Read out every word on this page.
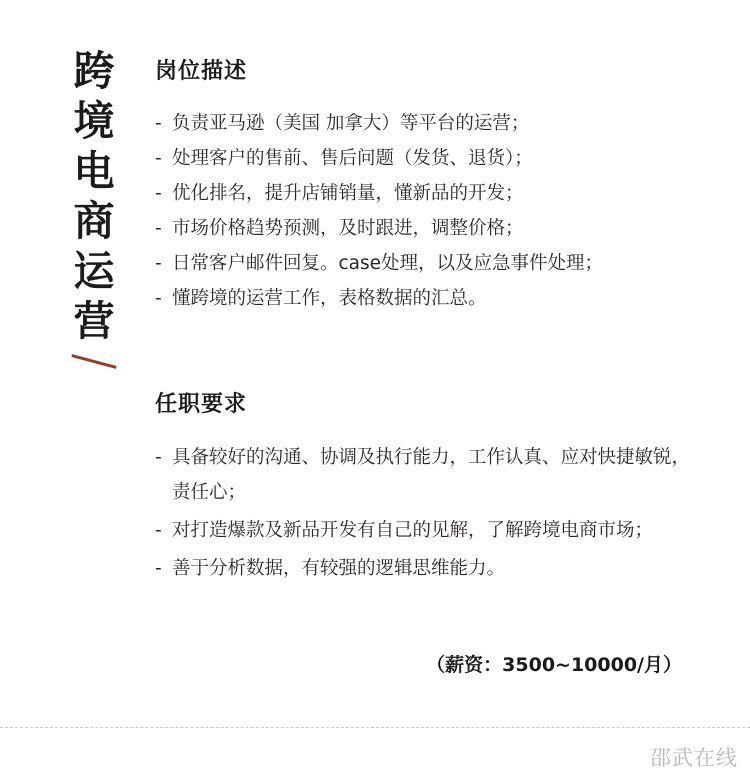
跨
境
电
商
运
营
岗位描述
- 负责亚马逊（美国 加拿大）等平台的运营；
- 处理客户的售前、售后问题（发货、退货）；
- 优化排名，提升店铺销量，懂新品的开发；
- 市场价格趋势预测，及时跟进，调整价格；
- 日常客户邮件回复。case处理，以及应急事件处理；
- 懂跨境的运营工作，表格数据的汇总。
任职要求
- 具备较好的沟通、协调及执行能力，工作认真、应对快捷敏锐，责任心；
- 对打造爆款及新品开发有自己的见解，了解跨境电商市场；
- 善于分析数据，有较强的逻辑思维能力。
（薪资：3500~10000/月）
邵武在线
